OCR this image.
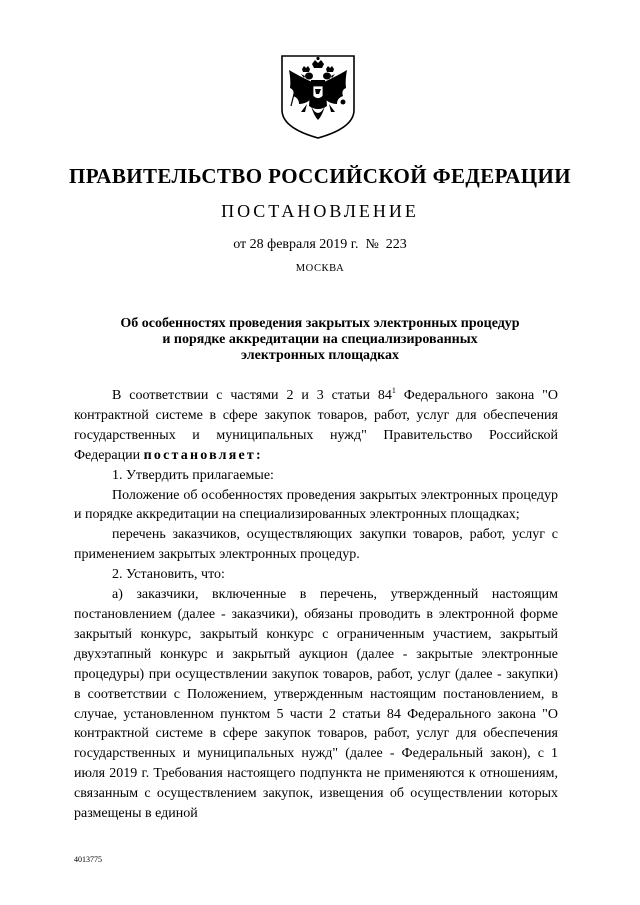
ПРАВИТЕЛЬСТВО РОССИЙСКОЙ ФЕДЕРАЦИИ
ПОСТАНОВЛЕНИЕ
от 28 февраля 2019 г.  №  223
МОСКВА
Об особенностях проведения закрытых электронных процедур
и порядке аккредитации на специализированных
электронных площадках

В соответствии с частями 2 и 3 статьи $84^1$ Федерального закона "О контрактной системе в сфере закупок товаров, работ, услуг для обеспечения государственных и муниципальных нужд" Правительство Российской Федерации постановляет:

1. Утвердить прилагаемые:

Положение об особенностях проведения закрытых электронных процедур и порядке аккредитации на специализированных электронных площадках;

перечень заказчиков, осуществляющих закупки товаров, работ, услуг с применением закрытых электронных процедур.

2. Установить, что:

а) заказчики, включенные в перечень, утвержденный настоящим постановлением (далее - заказчики), обязаны проводить в электронной форме закрытый конкурс, закрытый конкурс с ограниченным участием, закрытый двухэтапный конкурс и закрытый аукцион (далее - закрытые электронные процедуры) при осуществлении закупок товаров, работ, услуг (далее - закупки) в соответствии с Положением, утвержденным настоящим постановлением, в случае, установленном пунктом 5 части 2 статьи 84 Федерального закона "О контрактной системе в сфере закупок товаров, работ, услуг для обеспечения государственных и муниципальных нужд" (далее - Федеральный закон), с 1 июля 2019 г. Требования настоящего подпункта не применяются к отношениям, связанным с осуществлением закупок, извещения об осуществлении которых размещены в единой

4013775
